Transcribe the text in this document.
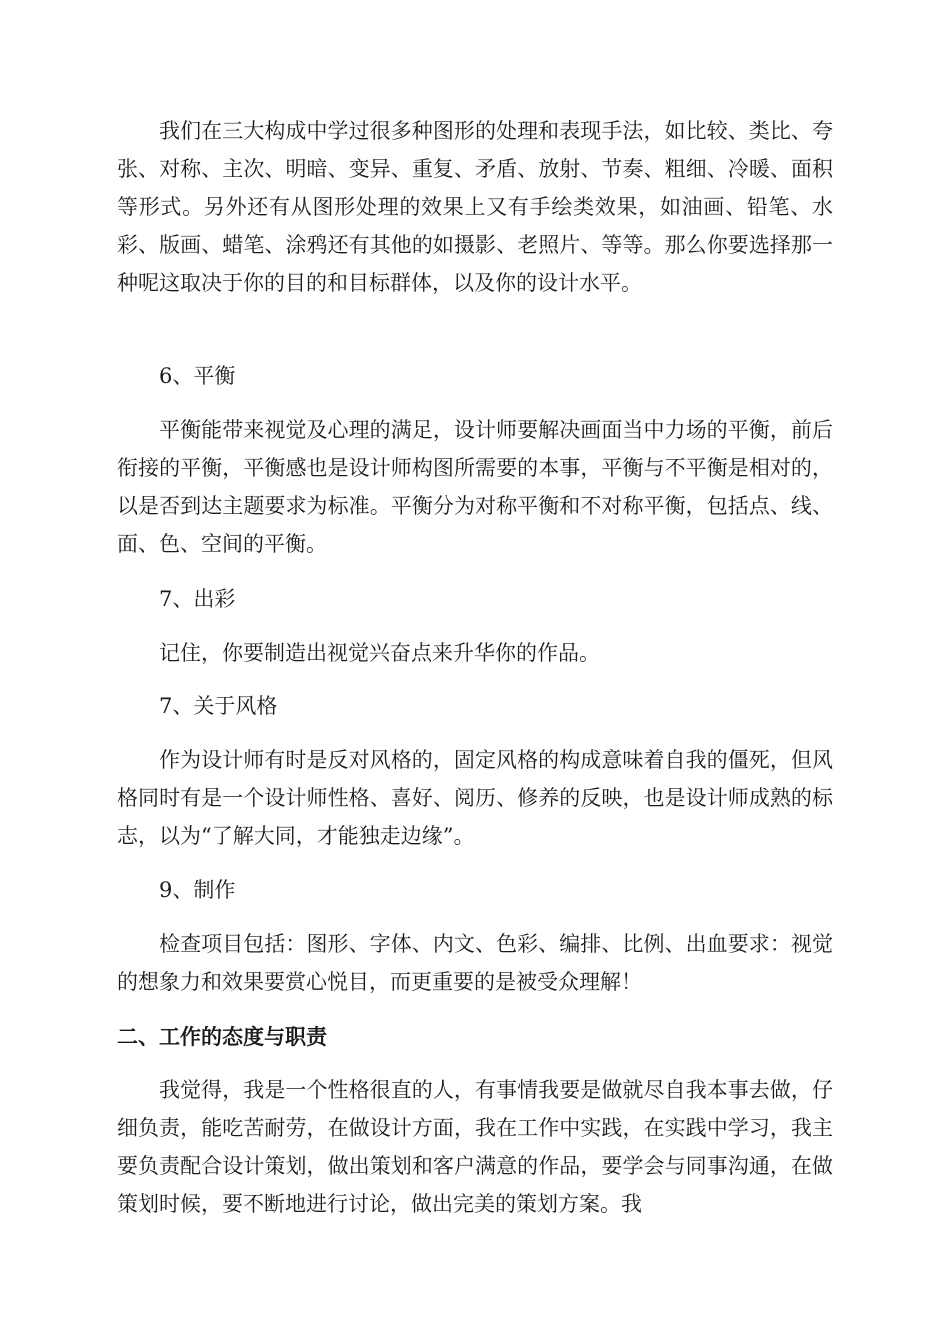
我们在三大构成中学过很多种图形的处理和表现手法，如比较、类比、夸张、对称、主次、明暗、变异、重复、矛盾、放射、节奏、粗细、冷暖、面积等形式。另外还有从图形处理的效果上又有手绘类效果，如油画、铅笔、水彩、版画、蜡笔、涂鸦还有其他的如摄影、老照片、等等。那么你要选择那一种呢这取决于你的目的和目标群体，以及你的设计水平。

6、平衡

平衡能带来视觉及心理的满足，设计师要解决画面当中力场的平衡，前后衔接的平衡，平衡感也是设计师构图所需要的本事，平衡与不平衡是相对的，以是否到达主题要求为标准。平衡分为对称平衡和不对称平衡，包括点、线、面、色、空间的平衡。

7、出彩

记住，你要制造出视觉兴奋点来升华你的作品。

7、关于风格

作为设计师有时是反对风格的，固定风格的构成意味着自我的僵死，但风格同时有是一个设计师性格、喜好、阅历、修养的反映，也是设计师成熟的标志，以为“了解大同，才能独走边缘”。

9、制作

检查项目包括：图形、字体、内文、色彩、编排、比例、出血要求：视觉的想象力和效果要赏心悦目，而更重要的是被受众理解！

二、工作的态度与职责

我觉得，我是一个性格很直的人，有事情我要是做就尽自我本事去做，仔细负责，能吃苦耐劳，在做设计方面，我在工作中实践，在实践中学习，我主要负责配合设计策划，做出策划和客户满意的作品，要学会与同事沟通，在做策划时候，要不断地进行讨论，做出完美的策划方案。我
